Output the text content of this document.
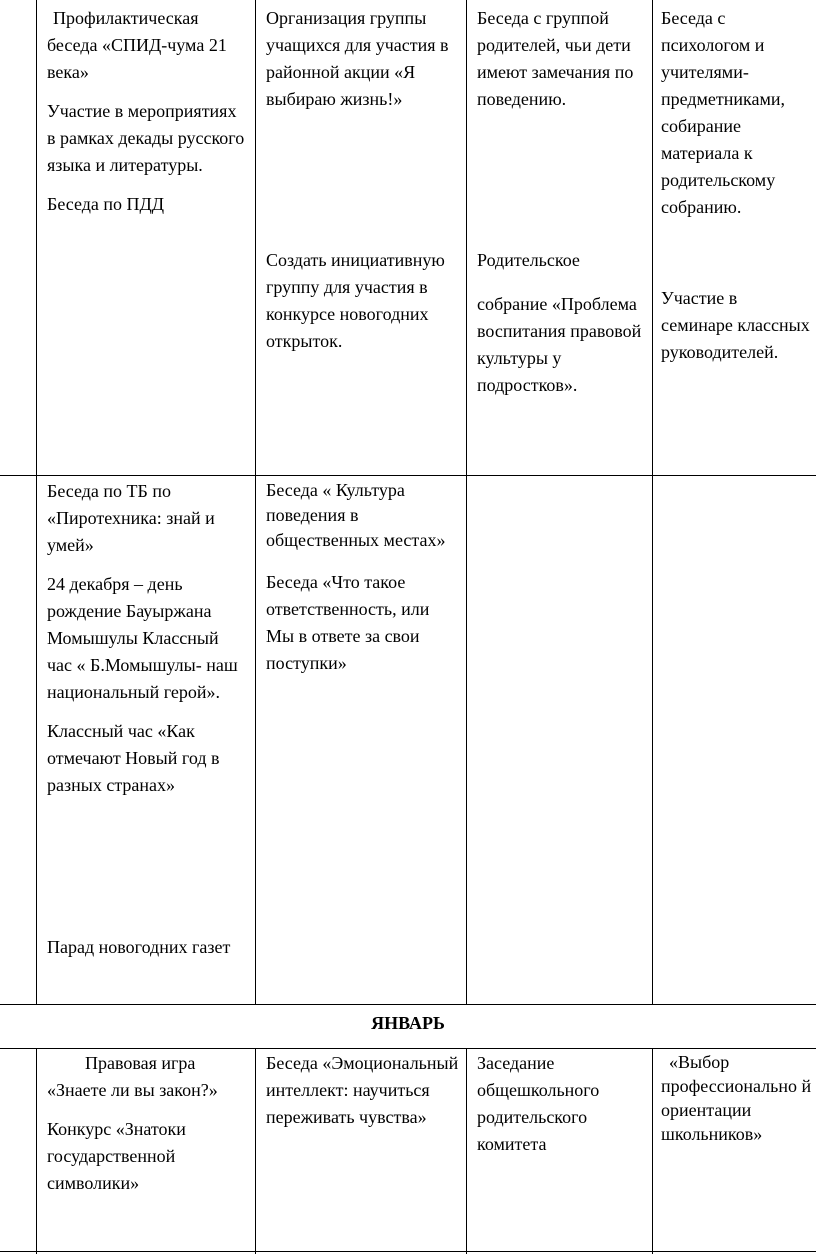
Профилактическая беседа «СПИД-чума 21 века»

Участие в мероприятиях в рамках декады русского языка и литературы.

Беседа по ПДД

Организация группы учащихся для участия в районной акции «Я выбираю жизнь!»

Создать инициативную группу для участия в конкурсе новогодних открыток.

Беседа с группой родителей, чьи дети имеют замечания по поведению.

Родительское

собрание «Проблема воспитания правовой культуры у подростков».

Беседа с психологом и учителями-предметниками, собирание материала к родительскому собранию.

Участие в семинаре классных руководителей.

Беседа по ТБ по «Пиротехника: знай и умей»

24 декабря – день рождение Бауыржана Момышулы Классный час « Б.Момышулы- наш национальный герой».

Классный час «Как отмечают Новый год в разных странах»

Парад новогодних газет

Беседа « Культура поведения в общественных местах»

Беседа «Что такое ответственность, или Мы в ответе за свои поступки»

ЯНВАРЬ

Правовая игра «Знаете ли вы закон?»

Конкурс «Знатоки государственной символики»

Беседа «Эмоциональный интеллект: научиться переживать чувства»

Заседание общешкольного родительского комитета

«Выбор профессионально й ориентации школьников»
